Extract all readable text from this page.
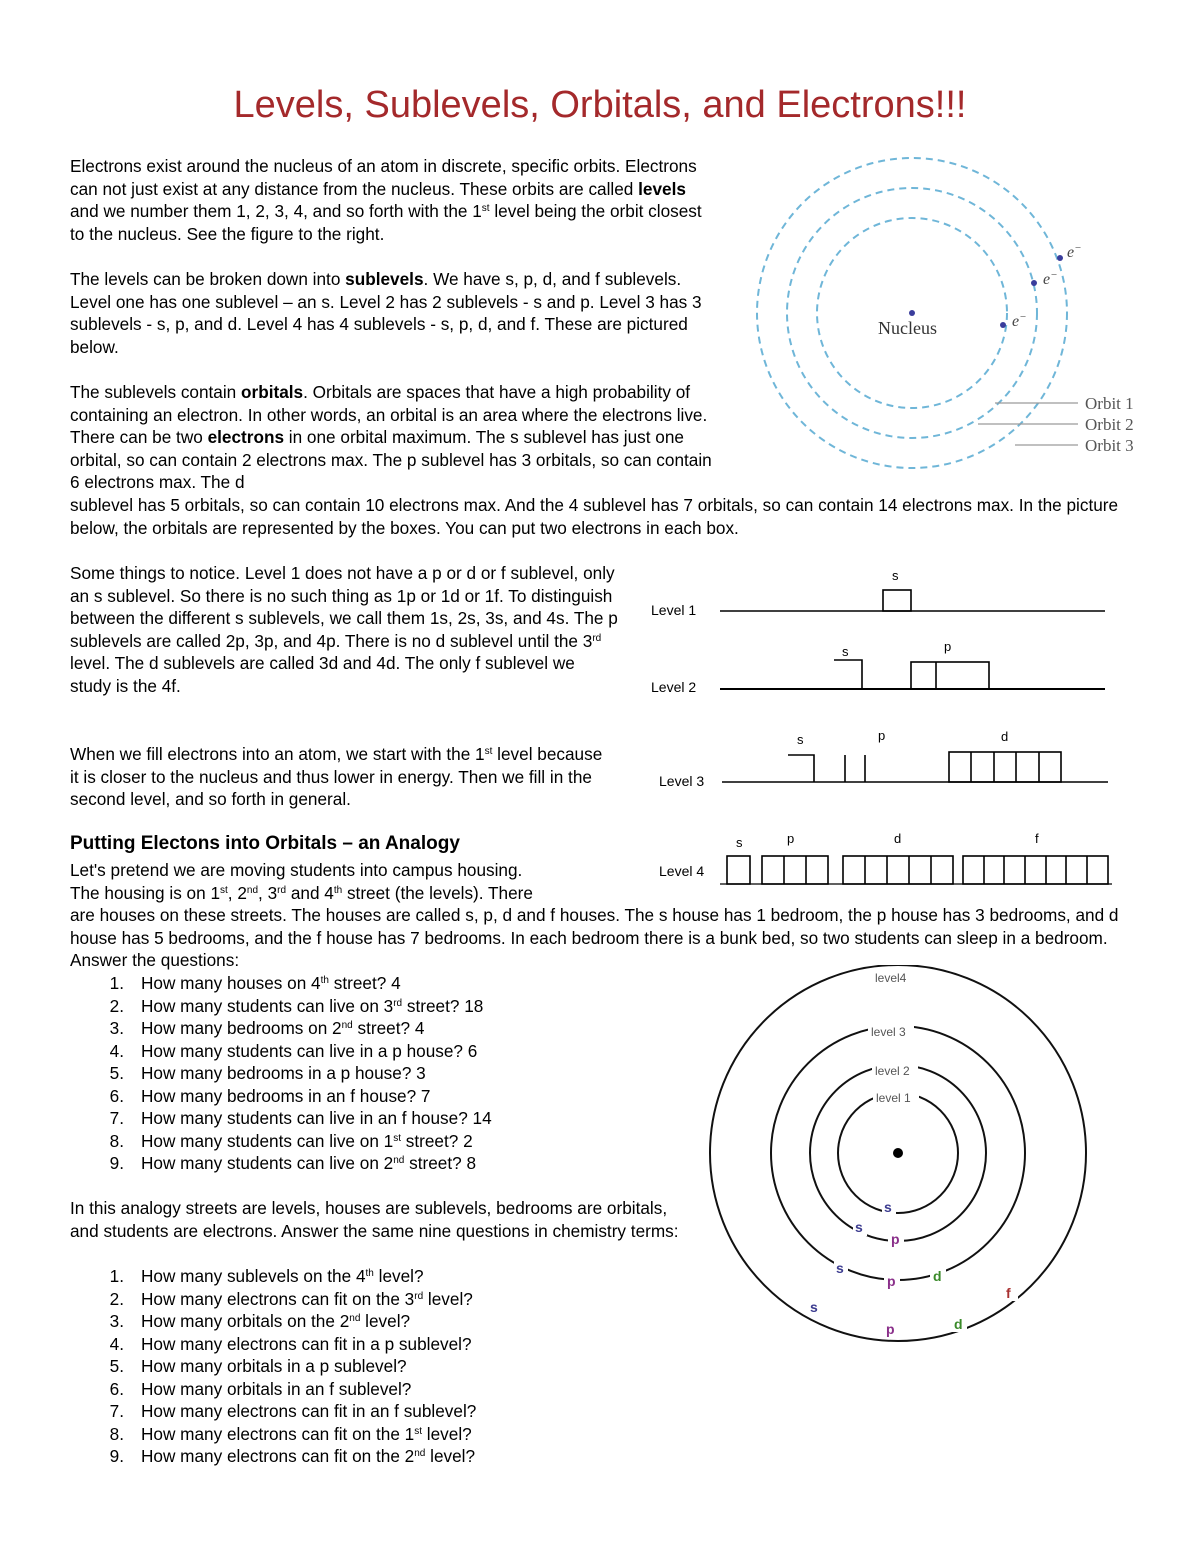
Levels, Sublevels, Orbitals, and Electrons!!!

Electrons exist around the nucleus of an atom in discrete, specific orbits. Electrons can not just exist at any distance from the nucleus. These orbits are called levels and we number them 1, 2, 3, 4, and so forth with the 1st level being the orbit closest to the nucleus. See the figure to the right.

The levels can be broken down into sublevels. We have s, p, d, and f sublevels. Level one has one sublevel – an s. Level 2 has 2 sublevels - s and p. Level 3 has 3 sublevels - s, p, and d. Level 4 has 4 sublevels - s, p, d, and f. These are pictured below.

The sublevels contain orbitals. Orbitals are spaces that have a high probability of containing an electron. In other words, an orbital is an area where the electrons live. There can be two electrons in one orbital maximum. The s sublevel has just one orbital, so can contain 2 electrons max. The p sublevel has 3 orbitals, so can contain 6 electrons max. The d

sublevel has 5 orbitals, so can contain 10 electrons max. And the 4 sublevel has 7 orbitals, so can contain 14 electrons max. In the picture below, the orbitals are represented by the boxes. You can put two electrons in each box.

Some things to notice. Level 1 does not have a p or d or f sublevel, only an s sublevel. So there is no such thing as 1p or 1d or 1f. To distinguish between the different s sublevels, we call them 1s, 2s, 3s, and 4s. The p sublevels are called 2p, 3p, and 4p. There is no d sublevel until the 3rd level. The d sublevels are called 3d and 4d. The only f sublevel we study is the 4f.

When we fill electrons into an atom, we start with the 1st level because it is closer to the nucleus and thus lower in energy. Then we fill in the second level, and so forth in general.

Putting Electons into Orbitals – an Analogy

Let's pretend we are moving students into campus housing.

The housing is on 1st, 2nd, 3rd and 4th street (the levels). There

are houses on these streets. The houses are called s, p, d and f houses. The s house has 1 bedroom, the p house has 3 bedrooms, and d house has 5 bedrooms, and the f house has 7 bedrooms. In each bedroom there is a bunk bed, so two students can sleep in a bedroom. Answer the questions:

1. How many houses on 4th street? 4
2. How many students can live on 3rd street? 18
3. How many bedrooms on 2nd street? 4
4. How many students can live in a p house? 6
5. How many bedrooms in a p house? 3
6. How many bedrooms in an f house? 7
7. How many students can live in an f house? 14
8. How many students can live on 1st street? 2
9. How many students can live on 2nd street? 8

In this analogy streets are levels, houses are sublevels, bedrooms are orbitals, and students are electrons. Answer the same nine questions in chemistry terms:

1. How many sublevels on the 4th level?
2. How many electrons can fit on the 3rd level?
3. How many orbitals on the 2nd level?
4. How many electrons can fit in a p sublevel?
5. How many orbitals in a p sublevel?
6. How many orbitals in an f sublevel?
7. How many electrons can fit in an f sublevel?
8. How many electrons can fit on the 1st level?
9. How many electrons can fit on the 2nd level?
Nucleus	e−
e−
e−
Orbit 1
Orbit 2
Orbit 3
Level 1
Level 2
Level 3
Level 4
s
s	p
s	p	d
s	p	d	f
level4
level 3
level 2
level 1
s
s
p
s
p	d
s
p	d
f
